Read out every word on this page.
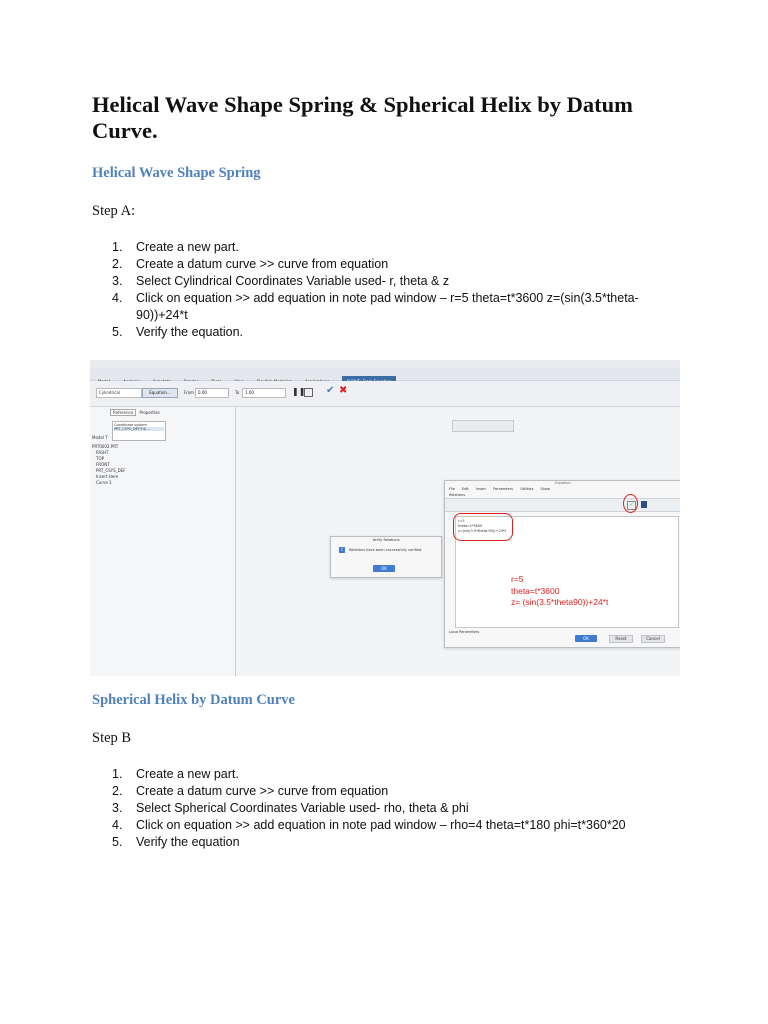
Helical Wave Shape Spring & Spherical Helix by Datum Curve.
Helical Wave Shape Spring

Step A:

1. Create a new part.
2. Create a datum curve >> curve from equation
3. Select Cylindrical Coordinates Variable used- r, theta & z
4. Click on equation >> add equation in note pad window – r=5 theta=t*3600 z=(sin(3.5*theta-
90))+24*t
5. Verify the equation.

Cylindrical	Equation...	From	0.00	To	1.00	❚❚ ✔ ✖
Reference Properties
Coordinate system
PRT_CSYS_DEF:F4(…
Model T
PRT0002.PRT
RIGHT
TOP
FRONT
PRT_CSYS_DEF
Insert Here
Curve 1
Verify Relations
i	Relations have been successfully verified.
OK
Equation
File Edit Insert Parameters Utilities Show
Relations
✓
r=5
theta=t*3600
z=(sin(3.5*theta-90))+24*t
Local Parameters
OK	Reset	Cancel
r=5
theta=t*3600
z= (sin(3.5*theta90))+24*t
Spherical Helix by Datum Curve

Step B

1. Create a new part.
2. Create a datum curve >> curve from equation
3. Select Spherical Coordinates Variable used- rho, theta & phi
4. Click on equation >> add equation in note pad window – rho=4 theta=t*180 phi=t*360*20
5. Verify the equation
